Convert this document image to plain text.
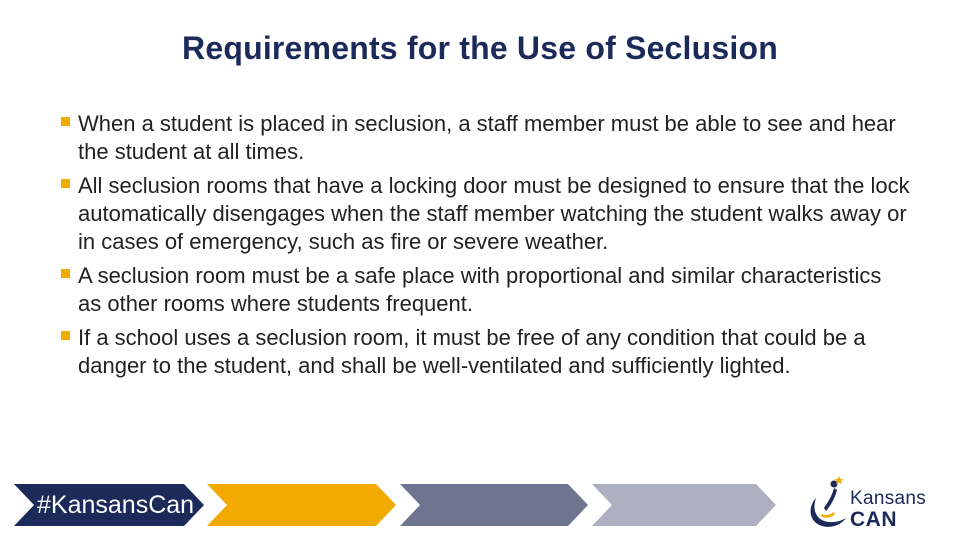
Requirements for the Use of Seclusion
When a student is placed in seclusion, a staff member must be able to see and hear the student at all times.
All seclusion rooms that have a locking door must be designed to ensure that the lock automatically disengages when the staff member watching the student walks away or in cases of emergency, such as fire or severe weather.
A seclusion room must be a safe place with proportional and similar characteristics as other rooms where students frequent.
If a school uses a seclusion room, it must be free of any condition that could be a danger to the student, and shall be well-ventilated and sufficiently lighted.
#KansansCan	Kansans
CAN
